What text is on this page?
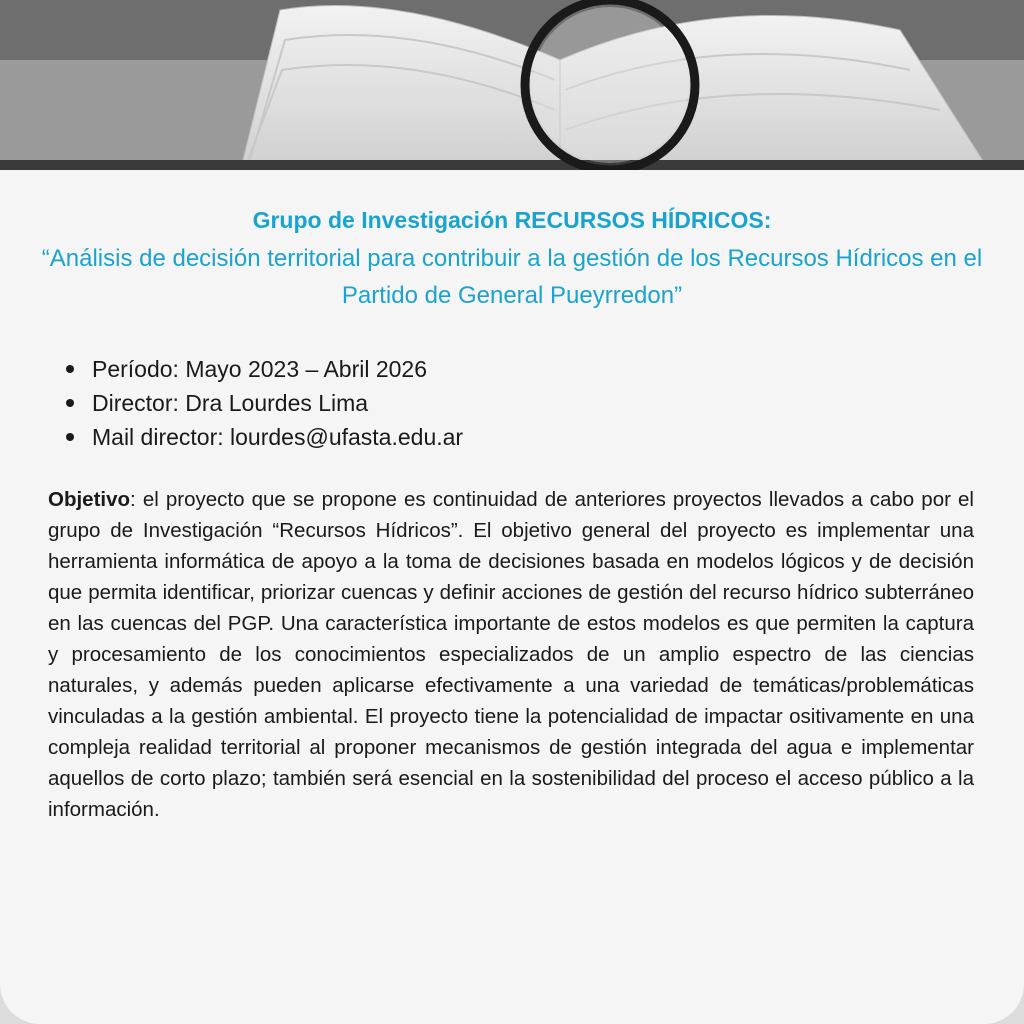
Grupo de Investigación RECURSOS HÍDRICOS:
“Análisis de decisión territorial para contribuir a la gestión de los Recursos Hídricos en el Partido de General Pueyrredon”
Período: Mayo 2023 – Abril 2026
Director: Dra Lourdes Lima
Mail director: lourdes@ufasta.edu.ar

Objetivo: el proyecto que se propone es continuidad de anteriores proyectos llevados a cabo por el grupo de Investigación “Recursos Hídricos”. El objetivo general del proyecto es implementar una herramienta informática de apoyo a la toma de decisiones basada en modelos lógicos y de decisión que permita identificar, priorizar cuencas y definir acciones de gestión del recurso hídrico subterráneo en las cuencas del PGP. Una característica importante de estos modelos es que permiten la captura y procesamiento de los conocimientos especializados de un amplio espectro de las ciencias naturales, y además pueden aplicarse efectivamente a una variedad de temáticas/problemáticas vinculadas a la gestión ambiental. El proyecto tiene la potencialidad de impactar ositivamente en una compleja realidad territorial al proponer mecanismos de gestión integrada del agua e implementar aquellos de corto plazo; también será esencial en la sostenibilidad del proceso el acceso público a la información.
